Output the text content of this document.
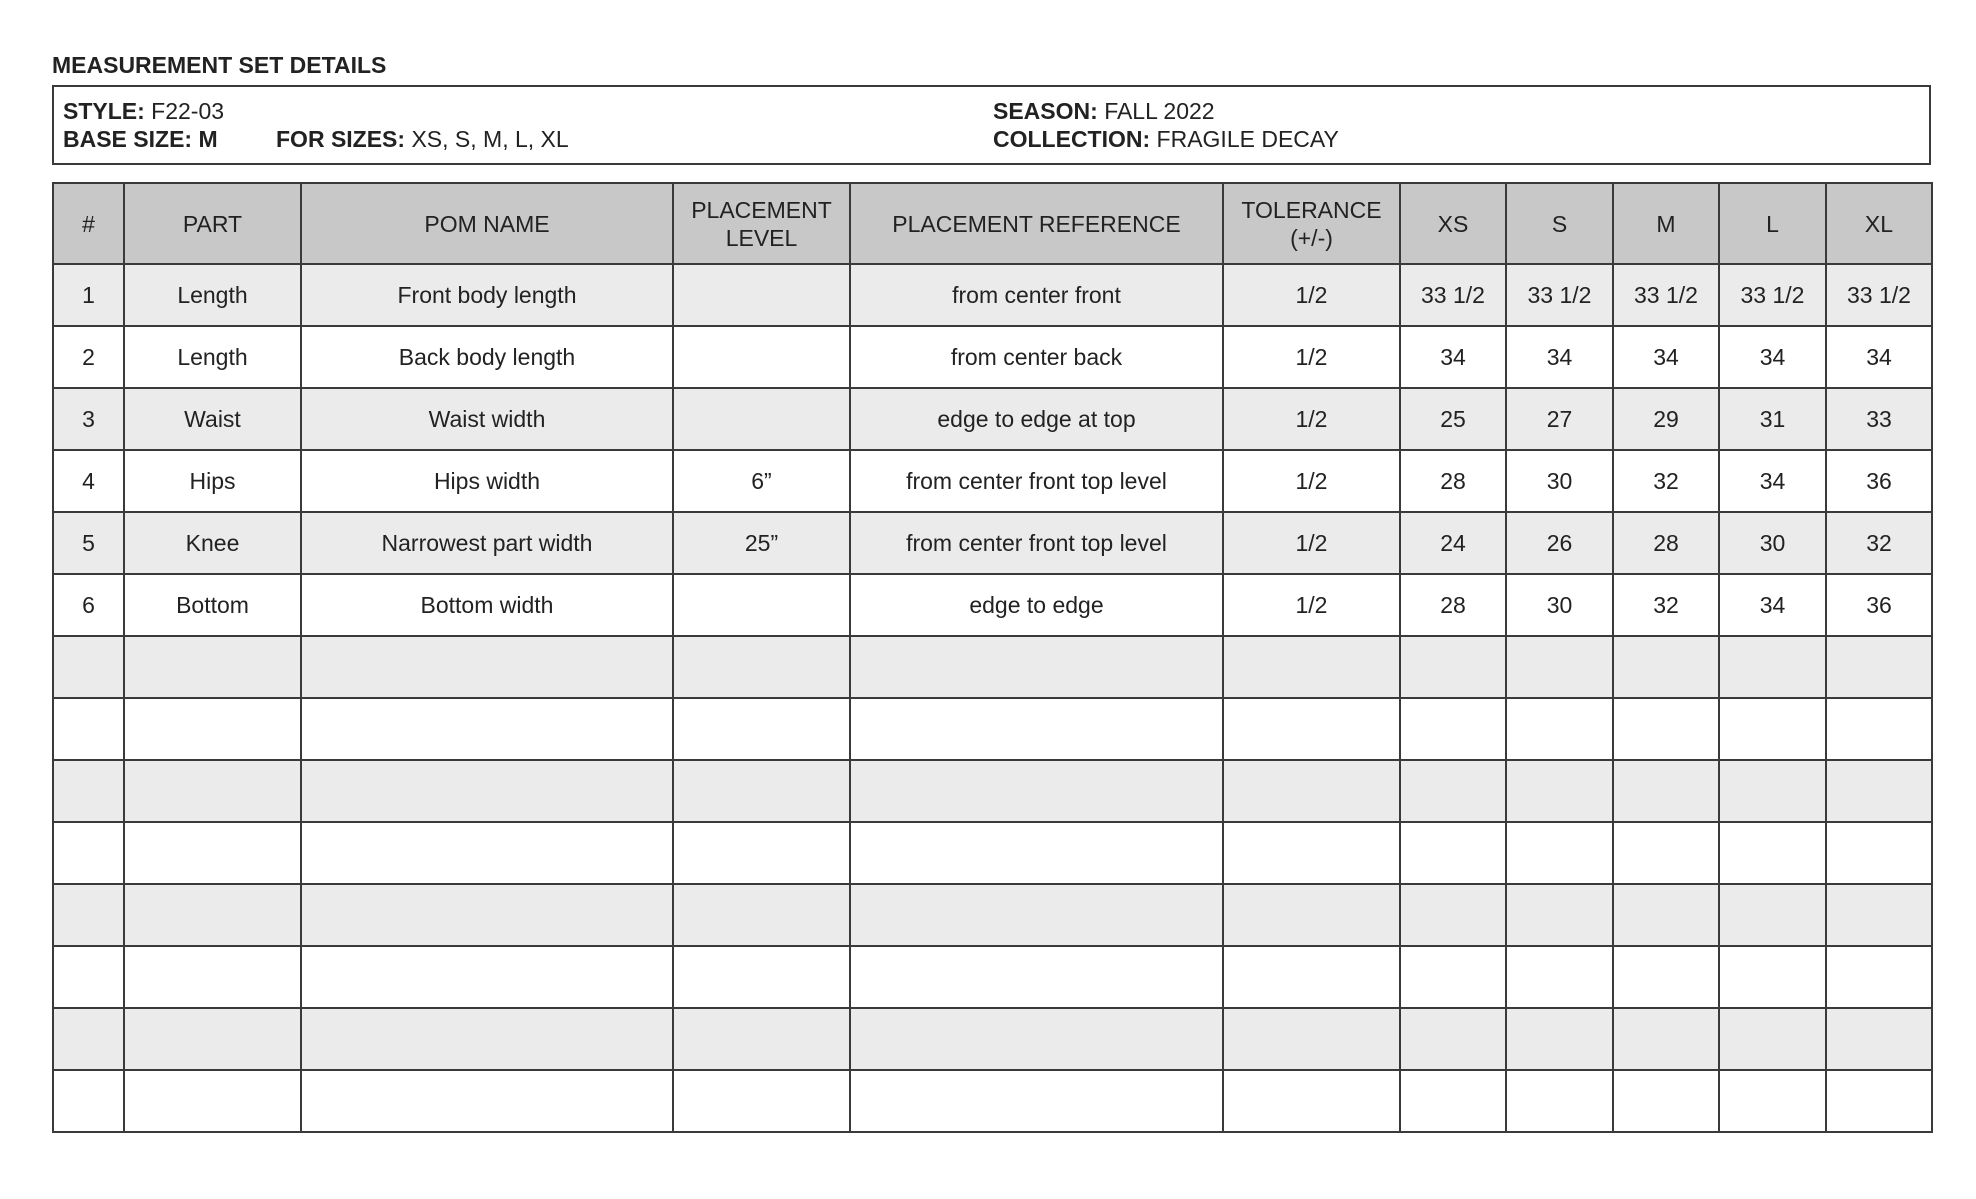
MEASUREMENT SET DETAILS
STYLE: F22-03
BASE SIZE: M	FOR SIZES: XS, S, M, L, XL
SEASON: FALL 2022
COLLECTION: FRAGILE DECAY
#	PART	POM NAME	PLACEMENT LEVEL	PLACEMENT REFERENCE	TOLERANCE (+/-)	XS	S	M	L	XL
1	Length	Front body length		from center front	1/2	33 1/2	33 1/2	33 1/2	33 1/2	33 1/2
2	Length	Back body length		from center back	1/2	34	34	34	34	34
3	Waist	Waist width		edge to edge at top	1/2	25	27	29	31	33
4	Hips	Hips width	6”	from center front top level	1/2	28	30	32	34	36
5	Knee	Narrowest part width	25”	from center front top level	1/2	24	26	28	30	32
6	Bottom	Bottom width		edge to edge	1/2	28	30	32	34	36
